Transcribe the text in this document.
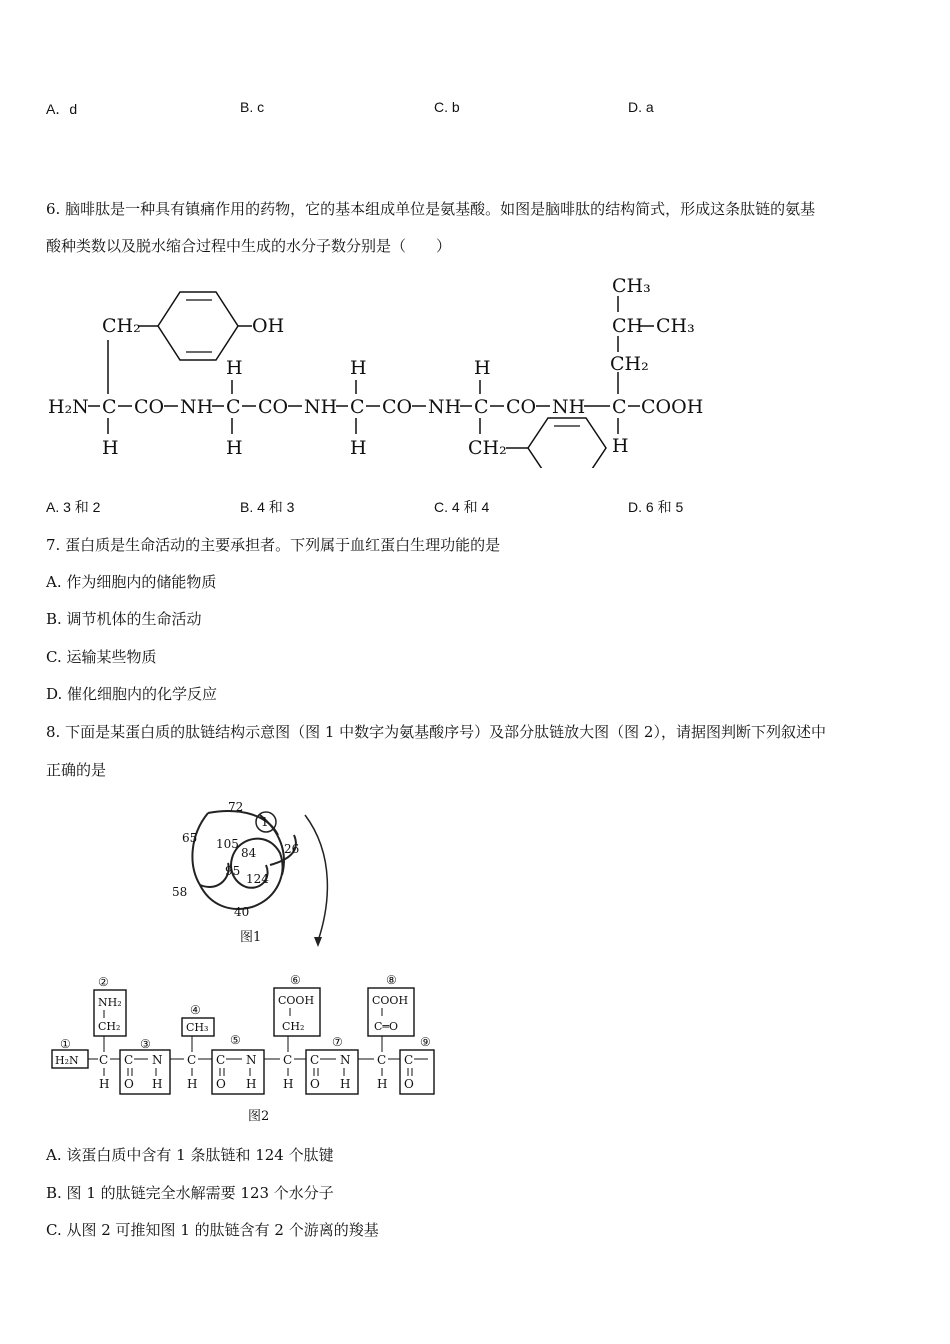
A．d	B. c	C. b	D. a
6. 脑啡肽是一种具有镇痛作用的药物，它的基本组成单位是氨基酸。如图是脑啡肽的结构简式，形成这条肽链的氨基
酸种类数以及脱水缩合过程中生成的水分子数分别是（　　）
CH₂	OH
H₂N C CO NH C CO NH C CO NH C CO NH C COOH
H
H
H
H
H
H
CH₂	H
CH₂
CH CH₃
CH₃
A. 3 和 2	B. 4 和 3	C. 4 和 4	D. 6 和 5
7. 蛋白质是生命活动的主要承担者。下列属于血红蛋白生理功能的是
A. 作为细胞内的储能物质
B. 调节机体的生命活动
C. 运输某些物质
D. 催化细胞内的化学反应
8. 下面是某蛋白质的肽链结构示意图（图 1 中数字为氨基酸序号）及部分肽链放大图（图 2），请据图判断下列叙述中
正确的是
72
1
65 105
84 26
95
124
58
40
图1
①
②
③
④
⑤
⑥
⑦
⑧
⑨
H₂N
NH₂
CH₂
C
H
C N
O H
CH₃
C
H
C N
O H
COOH
CH₂
C
H
C N
O H
COOH
C═O
C
H
C
O
图2
A. 该蛋白质中含有 1 条肽链和 124 个肽键
B. 图 1 的肽链完全水解需要 123 个水分子
C. 从图 2 可推知图 1 的肽链含有 2 个游离的羧基
